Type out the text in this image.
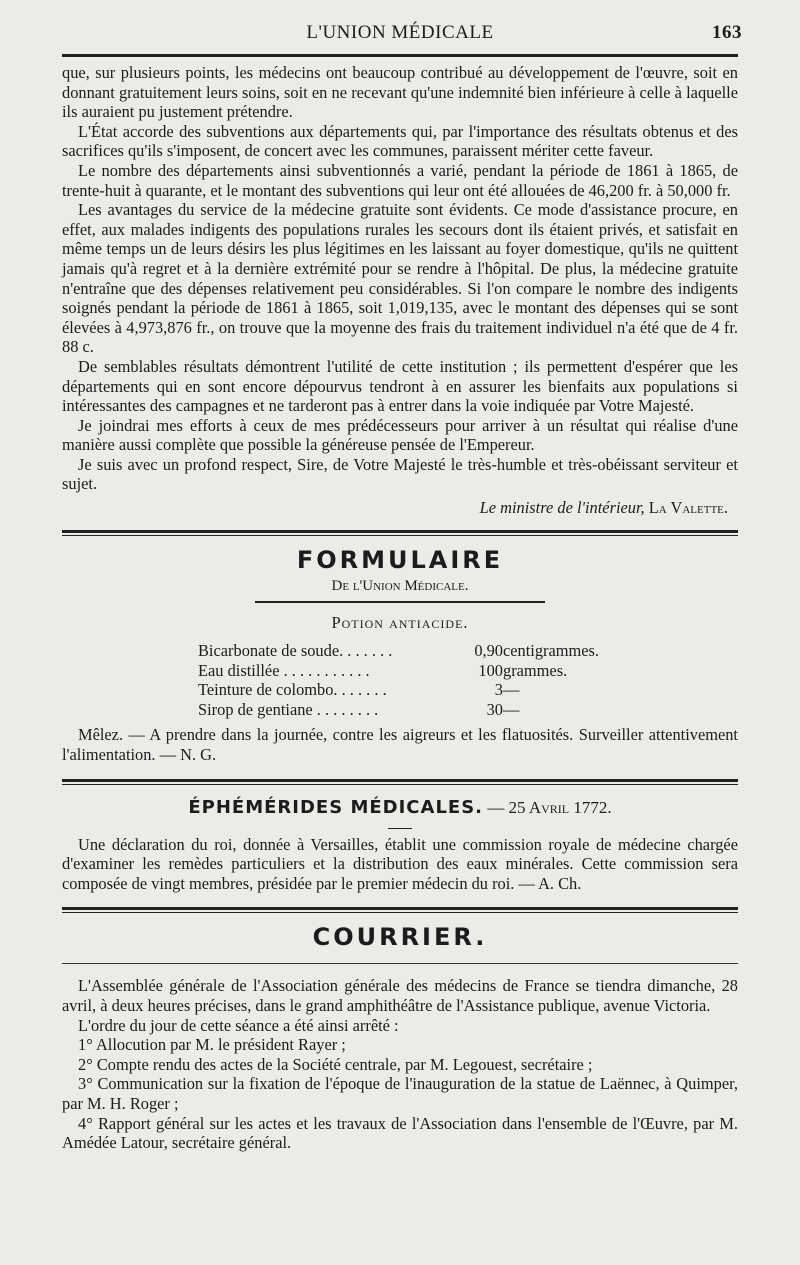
L'UNION MÉDICALE	163

que, sur plusieurs points, les médecins ont beaucoup contribué au développement de l'œuvre, soit en donnant gratuitement leurs soins, soit en ne recevant qu'une indemnité bien inférieure à celle à laquelle ils auraient pu justement prétendre.

L'État accorde des subventions aux départements qui, par l'importance des résultats obtenus et des sacrifices qu'ils s'imposent, de concert avec les communes, paraissent mériter cette faveur.

Le nombre des départements ainsi subventionnés a varié, pendant la période de 1861 à 1865, de trente-huit à quarante, et le montant des subventions qui leur ont été allouées de 46,200 fr. à 50,000 fr.

Les avantages du service de la médecine gratuite sont évidents. Ce mode d'assistance procure, en effet, aux malades indigents des populations rurales les secours dont ils étaient privés, et satisfait en même temps un de leurs désirs les plus légitimes en les laissant au foyer domestique, qu'ils ne quittent jamais qu'à regret et à la dernière extrémité pour se rendre à l'hôpital. De plus, la médecine gratuite n'entraîne que des dépenses relativement peu considérables. Si l'on compare le nombre des indigents soignés pendant la période de 1861 à 1865, soit 1,019,135, avec le montant des dépenses qui se sont élevées à 4,973,876 fr., on trouve que la moyenne des frais du traitement individuel n'a été que de 4 fr. 88 c.

De semblables résultats démontrent l'utilité de cette institution ; ils permettent d'espérer que les départements qui en sont encore dépourvus tendront à en assurer les bienfaits aux populations si intéressantes des campagnes et ne tarderont pas à entrer dans la voie indiquée par Votre Majesté.

Je joindrai mes efforts à ceux de mes prédécesseurs pour arriver à un résultat qui réalise d'une manière aussi complète que possible la généreuse pensée de l'Empereur.

Je suis avec un profond respect, Sire, de Votre Majesté le très-humble et très-obéissant serviteur et sujet.

Le ministre de l'intérieur, La Valette.
FORMULAIRE
De l'Union Médicale.
Potion antiacide.
Bicarbonate de soude. . . . . . .	0,90	centigrammes.
Eau distillée . . . . . . . . . . .	100	grammes.
Teinture de colombo. . . . . . .	3	—
Sirop de gentiane . . . . . . . .	30	—

Mêlez. — A prendre dans la journée, contre les aigreurs et les flatuosités. Surveiller attentivement l'alimentation. — N. G.

ÉPHÉMÉRIDES MÉDICALES. — 25 Avril 1772.

Une déclaration du roi, donnée à Versailles, établit une commission royale de médecine chargée d'examiner les remèdes particuliers et la distribution des eaux minérales. Cette commission sera composée de vingt membres, présidée par le premier médecin du roi. — A. Ch.

COURRIER.

L'Assemblée générale de l'Association générale des médecins de France se tiendra dimanche, 28 avril, à deux heures précises, dans le grand amphithéâtre de l'Assistance publique, avenue Victoria.

L'ordre du jour de cette séance a été ainsi arrêté :

1° Allocution par M. le président Rayer ;

2° Compte rendu des actes de la Société centrale, par M. Legouest, secrétaire ;

3° Communication sur la fixation de l'époque de l'inauguration de la statue de Laënnec, à Quimper, par M. H. Roger ;

4° Rapport général sur les actes et les travaux de l'Association dans l'ensemble de l'Œuvre, par M. Amédée Latour, secrétaire général.
